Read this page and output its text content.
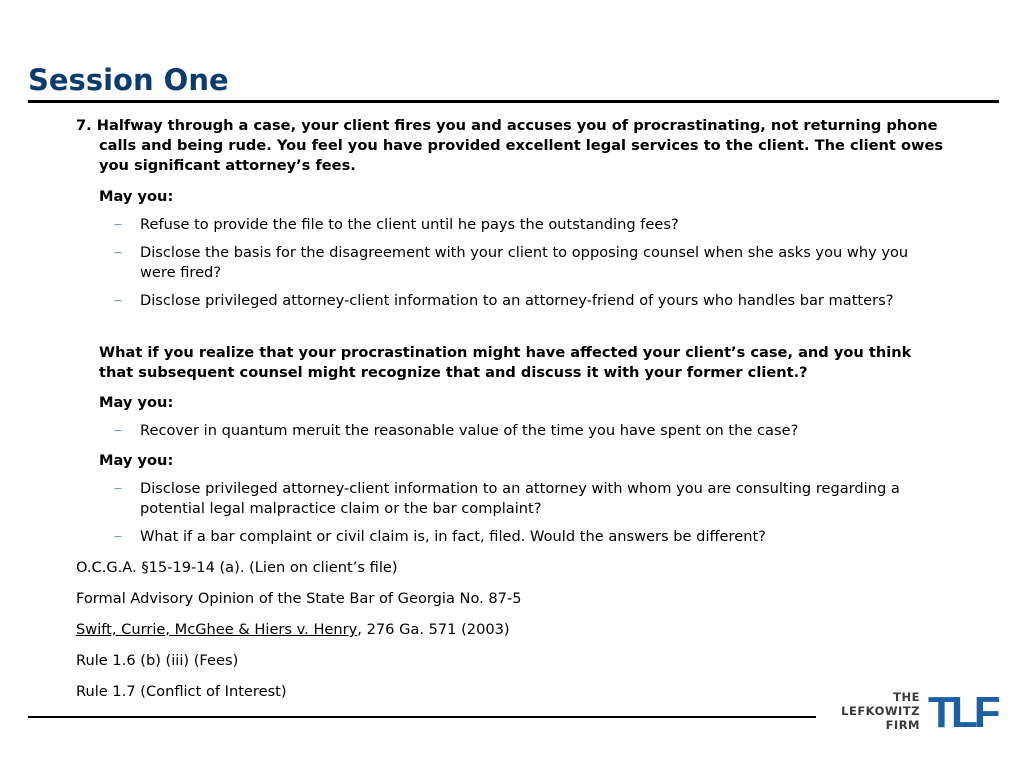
Session One

7. Halfway through a case, your client fires you and accuses you of procrastinating, not returning phone calls and being rude. You feel you have provided excellent legal services to the client. The client owes you significant attorney’s fees.

May you:

— Refuse to provide the file to the client until he pays the outstanding fees?
— Disclose the basis for the disagreement with your client to opposing counsel when she asks you why you were fired?
— Disclose privileged attorney-client information to an attorney-friend of yours who handles bar matters?

What if you realize that your procrastination might have affected your client’s case, and you think that subsequent counsel might recognize that and discuss it with your former client.?

May you:

— Recover in quantum meruit the reasonable value of the time you have spent on the case?

May you:

— Disclose privileged attorney-client information to an attorney with whom you are consulting regarding a potential legal malpractice claim or the bar complaint?
— What if a bar complaint or civil claim is, in fact, filed. Would the answers be different?

O.C.G.A. §15-19-14 (a). (Lien on client’s file)

Formal Advisory Opinion of the State Bar of Georgia No. 87-5

Swift, Currie, McGhee & Hiers v. Henry, 276 Ga. 571 (2003)

Rule 1.6 (b) (iii) (Fees)

Rule 1.7 (Conflict of Interest)	THE
LEFKOWITZ
FIRM TLF
